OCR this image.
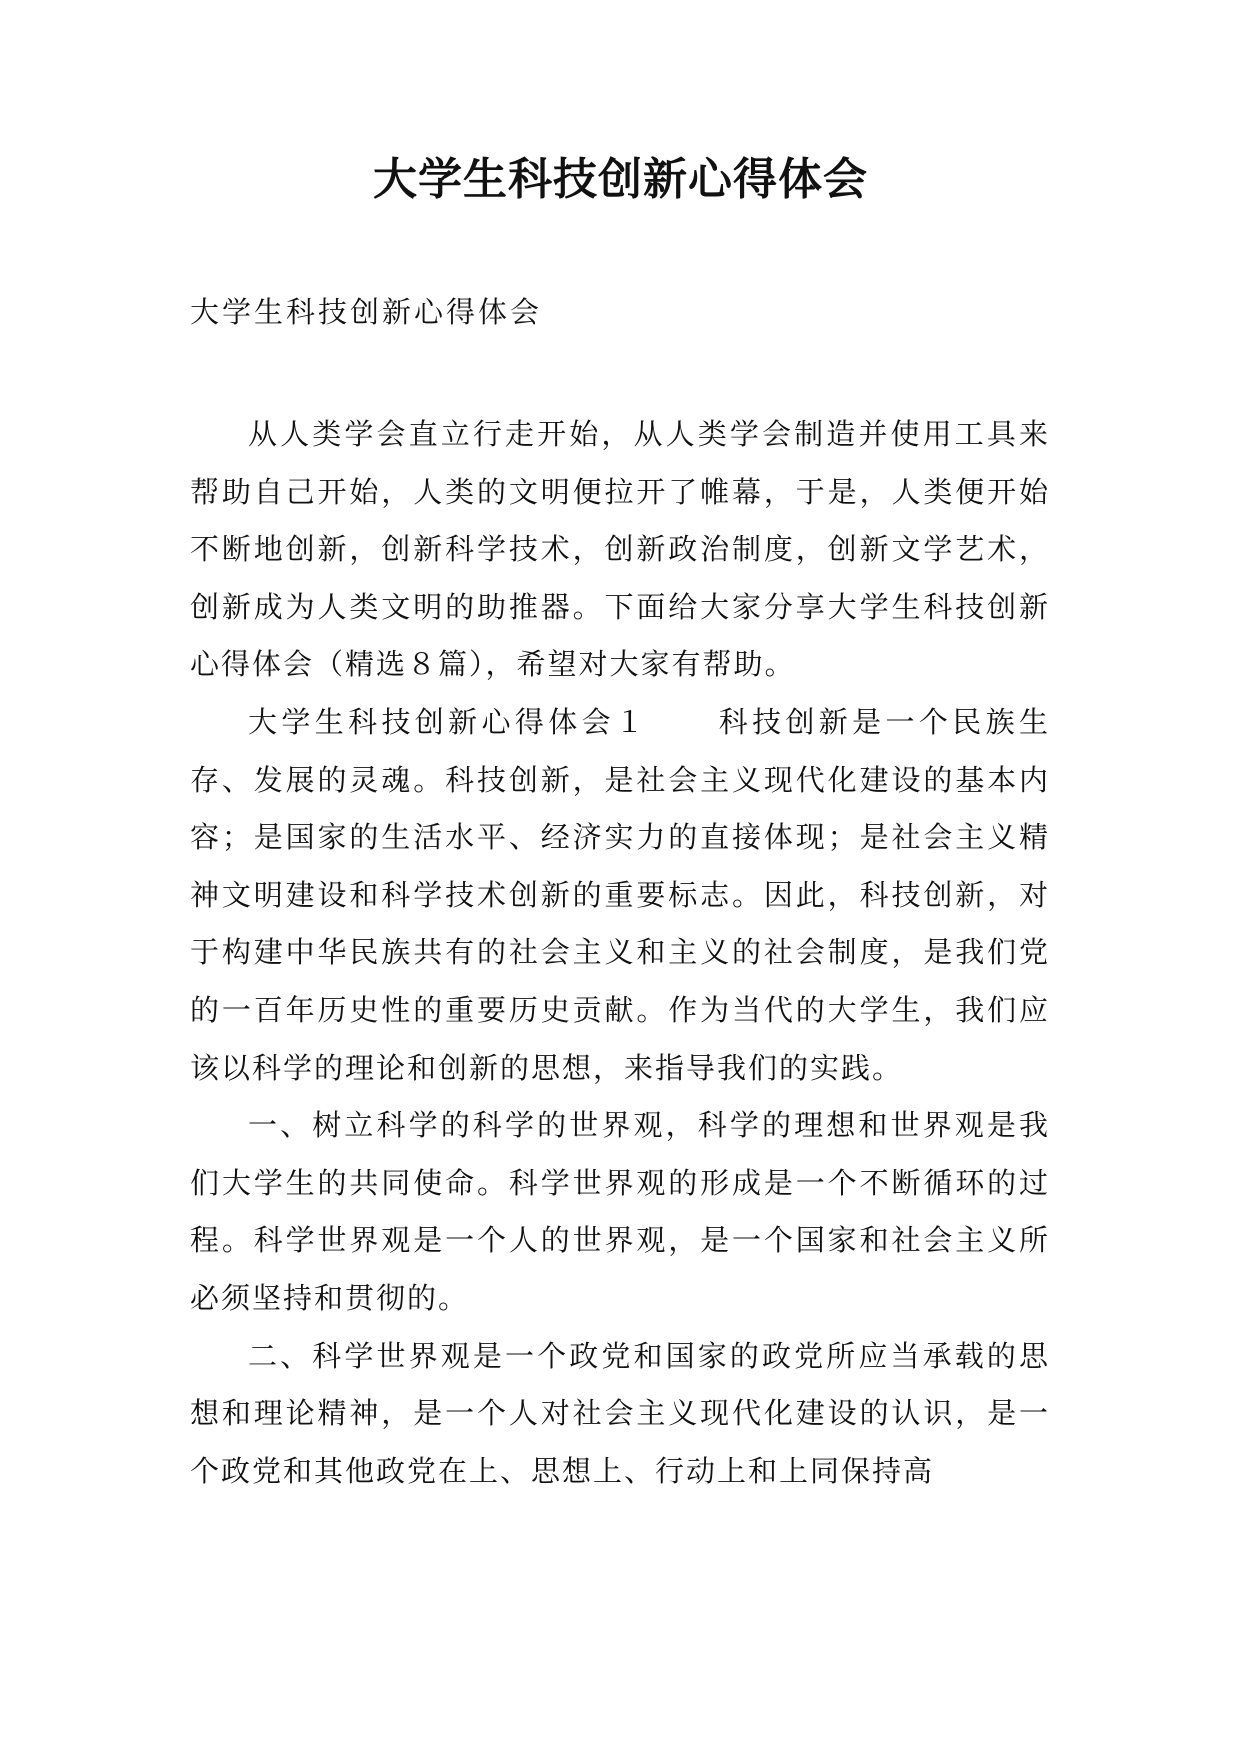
大学生科技创新心得体会

大学生科技创新心得体会

从人类学会直立行走开始，从人类学会制造并使用工具来帮助自己开始，人类的文明便拉开了帷幕，于是，人类便开始不断地创新，创新科学技术，创新政治制度，创新文学艺术，创新成为人类文明的助推器。下面给大家分享大学生科技创新心得体会（精选８篇），希望对大家有帮助。

大学生科技创新心得体会１ 科技创新是一个民族生存、发展的灵魂。科技创新，是社会主义现代化建设的基本内容；是国家的生活水平、经济实力的直接体现；是社会主义精神文明建设和科学技术创新的重要标志。因此，科技创新，对于构建中华民族共有的社会主义和主义的社会制度，是我们党的一百年历史性的重要历史贡献。作为当代的大学生，我们应该以科学的理论和创新的思想，来指导我们的实践。

一、树立科学的科学的世界观，科学的理想和世界观是我们大学生的共同使命。科学世界观的形成是一个不断循环的过程。科学世界观是一个人的世界观，是一个国家和社会主义所必须坚持和贯彻的。

二、科学世界观是一个政党和国家的政党所应当承载的思想和理论精神，是一个人对社会主义现代化建设的认识，是一个政党和其他政党在上、思想上、行动上和上同保持高
